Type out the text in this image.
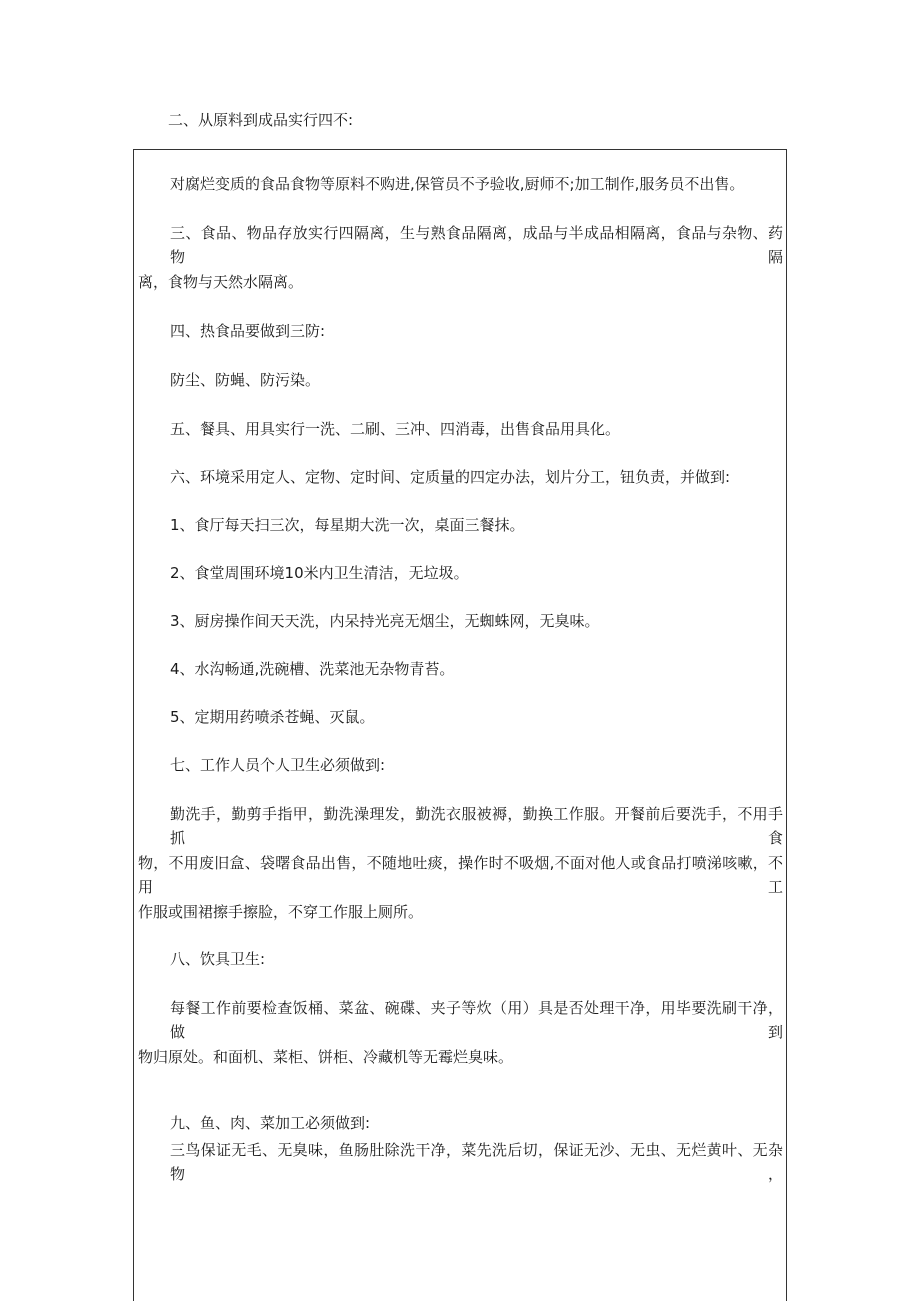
二、从原料到成品实行四不:
对腐烂变质的食品食物等原料不购进,保管员不予验收,厨师不;加工制作,服务员不出售。
三、食品、物品存放实行四隔离，生与熟食品隔离，成品与半成品相隔离，食品与杂物、药物隔
离，食物与天然水隔离。
四、热食品要做到三防:
防尘、防蝇、防污染。
五、餐具、用具实行一洗、二刷、三冲、四消毒，出售食品用具化。
六、环境采用定人、定物、定时间、定质量的四定办法，划片分工，钮负责，并做到:
1、食厅每天扫三次，每星期大洗一次，桌面三餐抹。
2、食堂周围环境10米内卫生清洁，无垃圾。
3、厨房操作间天天洗，内呆持光亮无烟尘，无蜘蛛网，无臭味。
4、水沟畅通,洗碗槽、洗菜池无杂物青苔。
5、定期用药喷杀苍蝇、灭鼠。
七、工作人员个人卫生必须做到:
勤洗手，勤剪手指甲，勤洗澡理发，勤洗衣服被褥，勤换工作服。开餐前后要洗手，不用手抓食
物，不用废旧盒、袋曙食品出售，不随地吐痰，操作时不吸烟,不面对他人或食品打喷涕咳嗽，不用工
作服或围裙擦手擦脸，不穿工作服上厕所。
八、饮具卫生:
每餐工作前要检查饭桶、菜盆、碗碟、夹子等炊（用）具是否处理干净，用毕要洗刷干净，做到
物归原处。和面机、菜柜、饼柜、冷藏机等无霉烂臭味。
九、鱼、肉、菜加工必须做到:
三鸟保证无毛、无臭味，鱼肠肚除洗干净，菜先洗后切，保证无沙、无虫、无烂黄叶、无杂物，
